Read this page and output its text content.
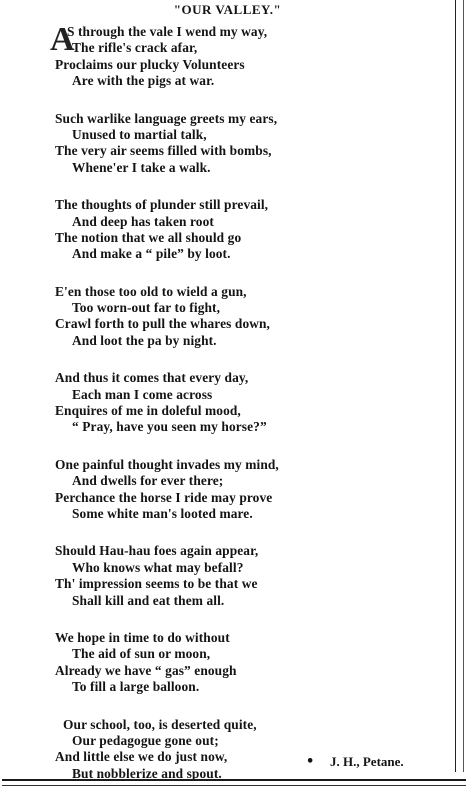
"OUR VALLEY."
A
S through the vale I wend my way,
The rifle's crack afar,
Proclaims our plucky Volunteers
Are with the pigs at war.
Such warlike language greets my ears,
Unused to martial talk,
The very air seems filled with bombs,
Whene'er I take a walk.
The thoughts of plunder still prevail,
And deep has taken root
The notion that we all should go
And make a “ pile” by loot.
E'en those too old to wield a gun,
Too worn-out far to fight,
Crawl forth to pull the whares down,
And loot the pa by night.
And thus it comes that every day,
Each man I come across
Enquires of me in doleful mood,
“ Pray, have you seen my horse?”
One painful thought invades my mind,
And dwells for ever there;
Perchance the horse I ride may prove
Some white man's looted mare.
Should Hau-hau foes again appear,
Who knows what may befall?
Th' impression seems to be that we
Shall kill and eat them all.
We hope in time to do without
The aid of sun or moon,
Already we have “ gas” enough
To fill a large balloon.
Our school, too, is deserted quite,
Our pedagogue gone out;
And little else we do just now,
But nobblerize and spout.
• J. H., Petane.
